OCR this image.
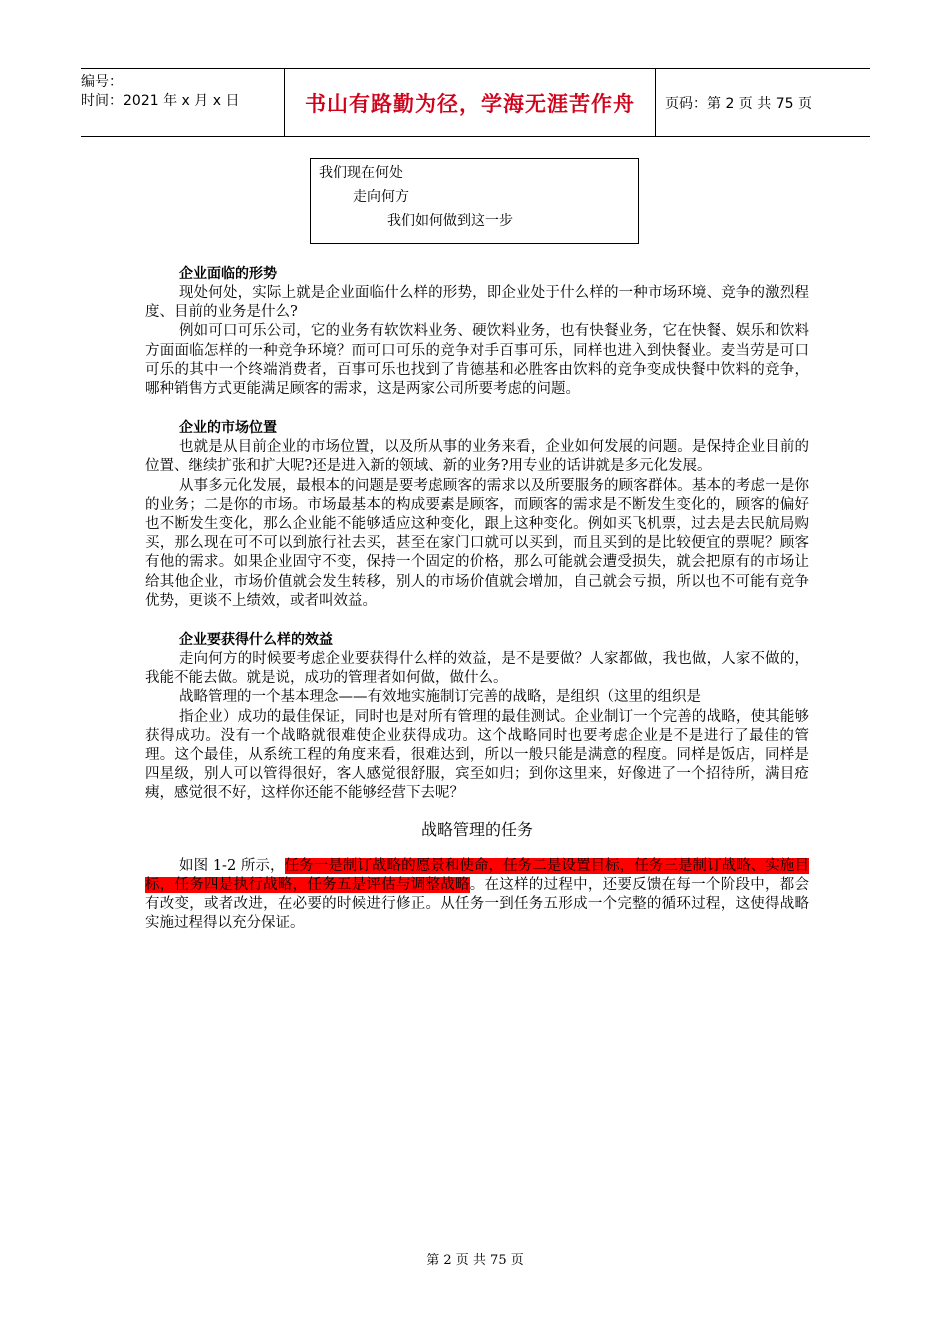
编号：
时间：2021 年 x 月 x 日	书山有路勤为径，学海无涯苦作舟	页码：第 2 页 共 75 页
我们现在何处
走向何方
我们如何做到这一步
企业面临的形势

现处何处，实际上就是企业面临什么样的形势，即企业处于什么样的一种市场环境、竞争的激烈程度、目前的业务是什么?

例如可口可乐公司，它的业务有软饮料业务、硬饮料业务，也有快餐业务，它在快餐、娱乐和饮料方面面临怎样的一种竞争环境？而可口可乐的竞争对手百事可乐，同样也进入到快餐业。麦当劳是可口可乐的其中一个终端消费者，百事可乐也找到了肯德基和必胜客由饮料的竞争变成快餐中饮料的竞争，哪种销售方式更能满足顾客的需求，这是两家公司所要考虑的问题。

企业的市场位置

也就是从目前企业的市场位置，以及所从事的业务来看，企业如何发展的问题。是保持企业目前的位置、继续扩张和扩大呢?还是进入新的领域、新的业务?用专业的话讲就是多元化发展。

从事多元化发展，最根本的问题是要考虑顾客的需求以及所要服务的顾客群体。基本的考虑一是你的业务；二是你的市场。市场最基本的构成要素是顾客，而顾客的需求是不断发生变化的，顾客的偏好也不断发生变化，那么企业能不能够适应这种变化，跟上这种变化。例如买飞机票，过去是去民航局购买，那么现在可不可以到旅行社去买，甚至在家门口就可以买到，而且买到的是比较便宜的票呢？顾客有他的需求。如果企业固守不变，保持一个固定的价格，那么可能就会遭受损失，就会把原有的市场让给其他企业，市场价值就会发生转移，别人的市场价值就会增加，自己就会亏损，所以也不可能有竞争优势，更谈不上绩效，或者叫效益。

企业要获得什么样的效益

走向何方的时候要考虑企业要获得什么样的效益，是不是要做？人家都做，我也做，人家不做的，我能不能去做。就是说，成功的管理者如何做，做什么。

战略管理的一个基本理念——有效地实施制订完善的战略，是组织（这里的组织是

指企业）成功的最佳保证，同时也是对所有管理的最佳测试。企业制订一个完善的战略，使其能够获得成功。没有一个战略就很难使企业获得成功。这个战略同时也要考虑企业是不是进行了最佳的管理。这个最佳，从系统工程的角度来看，很难达到，所以一般只能是满意的程度。同样是饭店，同样是四星级，别人可以管得很好，客人感觉很舒服，宾至如归；到你这里来，好像进了一个招待所，满目疮痍，感觉很不好，这样你还能不能够经营下去呢？

战略管理的任务

如图 1-2 所示，任务一是制订战略的愿景和使命，任务二是设置目标，任务三是制订战略、实施目标，任务四是执行战略，任务五是评估与调整战略。在这样的过程中，还要反馈在每一个阶段中，都会有改变，或者改进，在必要的时候进行修正。从任务一到任务五形成一个完整的循环过程，这使得战略实施过程得以充分保证。

第 2 页 共 75 页
